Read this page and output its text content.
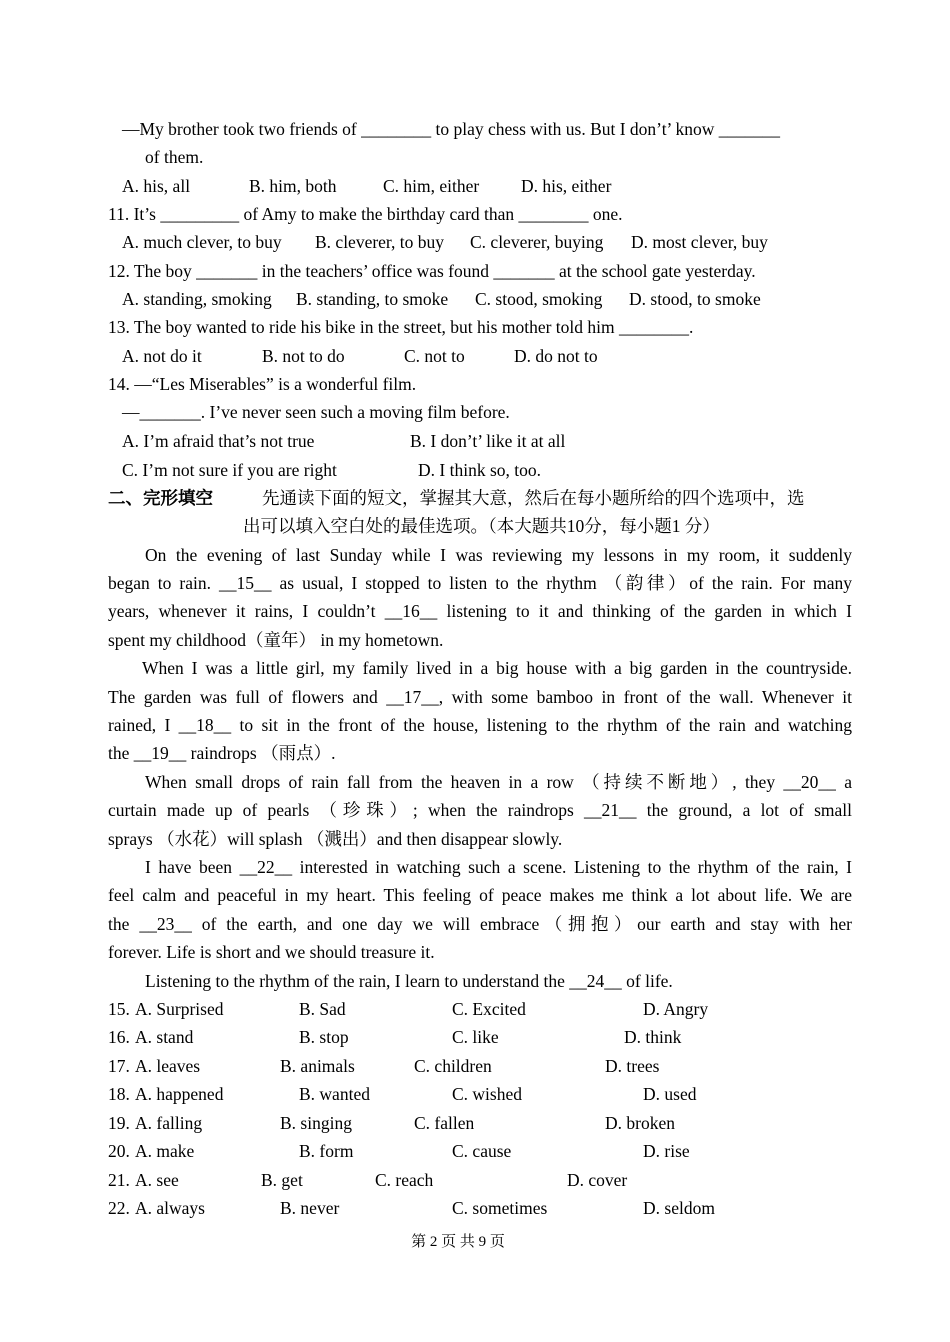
—My brother took two friends of ________ to play chess with us. But I don’t’ know _______
of them.
A. his, all	B. him, both	C. him, either D. his, either
11. It’s _________ of Amy to make the birthday card than ________ one.
A. much clever, to buy B. cleverer, to buy C. cleverer, buying D. most clever, buy
12. The boy _______ in the teachers’ office was found _______ at the school gate yesterday.
A. standing, smoking B. standing, to smoke C. stood, smoking D. stood, to smoke
13. The boy wanted to ride his bike in the street, but his mother told him ________.
A. not do it	B. not to do	C. not to	D. do not to
14. —“Les Miserables” is a wonderful film.
—_______. I’ve never seen such a moving film before.
A. I’m afraid that’s not true	B. I don’t’ like it at all
C. I’m not sure if you are right	D. I think so, too.
二、完形填空	先通读下面的短文，掌握其大意，然后在每小题所给的四个选项中，选
出可以填入空白处的最佳选项。（本大题共10分，每小题1 分）
On the evening of last Sunday while I was reviewing my lessons in my room, it suddenly
began to rain. __15__ as usual, I stopped to listen to the rhythm （韵律）of the rain. For many
years, whenever it rains, I couldn’t __16__ listening to it and thinking of the garden in which I
spent my childhood（童年） in my hometown.
When I was a little girl, my family lived in a big house with a big garden in the countryside.
The garden was full of flowers and __17__, with some bamboo in front of the wall. Whenever it
rained, I __18__ to sit in the front of the house, listening to the rhythm of the rain and watching
the __19__ raindrops （雨点）.
When small drops of rain fall from the heaven in a row （持续不断地）, they __20__ a
curtain made up of pearls （珍珠）; when the raindrops __21__ the ground, a lot of small
sprays （水花）will splash （溅出）and then disappear slowly.
I have been __22__ interested in watching such a scene. Listening to the rhythm of the rain, I
feel calm and peaceful in my heart. This feeling of peace makes me think a lot about life. We are
the __23__ of the earth, and one day we will embrace（拥抱）our earth and stay with her
forever. Life is short and we should treasure it.
Listening to the rhythm of the rain, I learn to understand the __24__ of life.
15. A. Surprised	B. Sad	C. Excited	D. Angry
16. A. stand	B. stop	C. like	D. think
17. A. leaves	B. animals	C. children	D. trees
18. A. happened	B. wanted	C. wished	D. used
19. A. falling	B. singing	C. fallen	D. broken
20. A. make	B. form	C. cause	D. rise
21. A. see	B. get	C. reach	D. cover
22. A. always	B. never	C. sometimes	D. seldom
第 2 页 共 9 页
